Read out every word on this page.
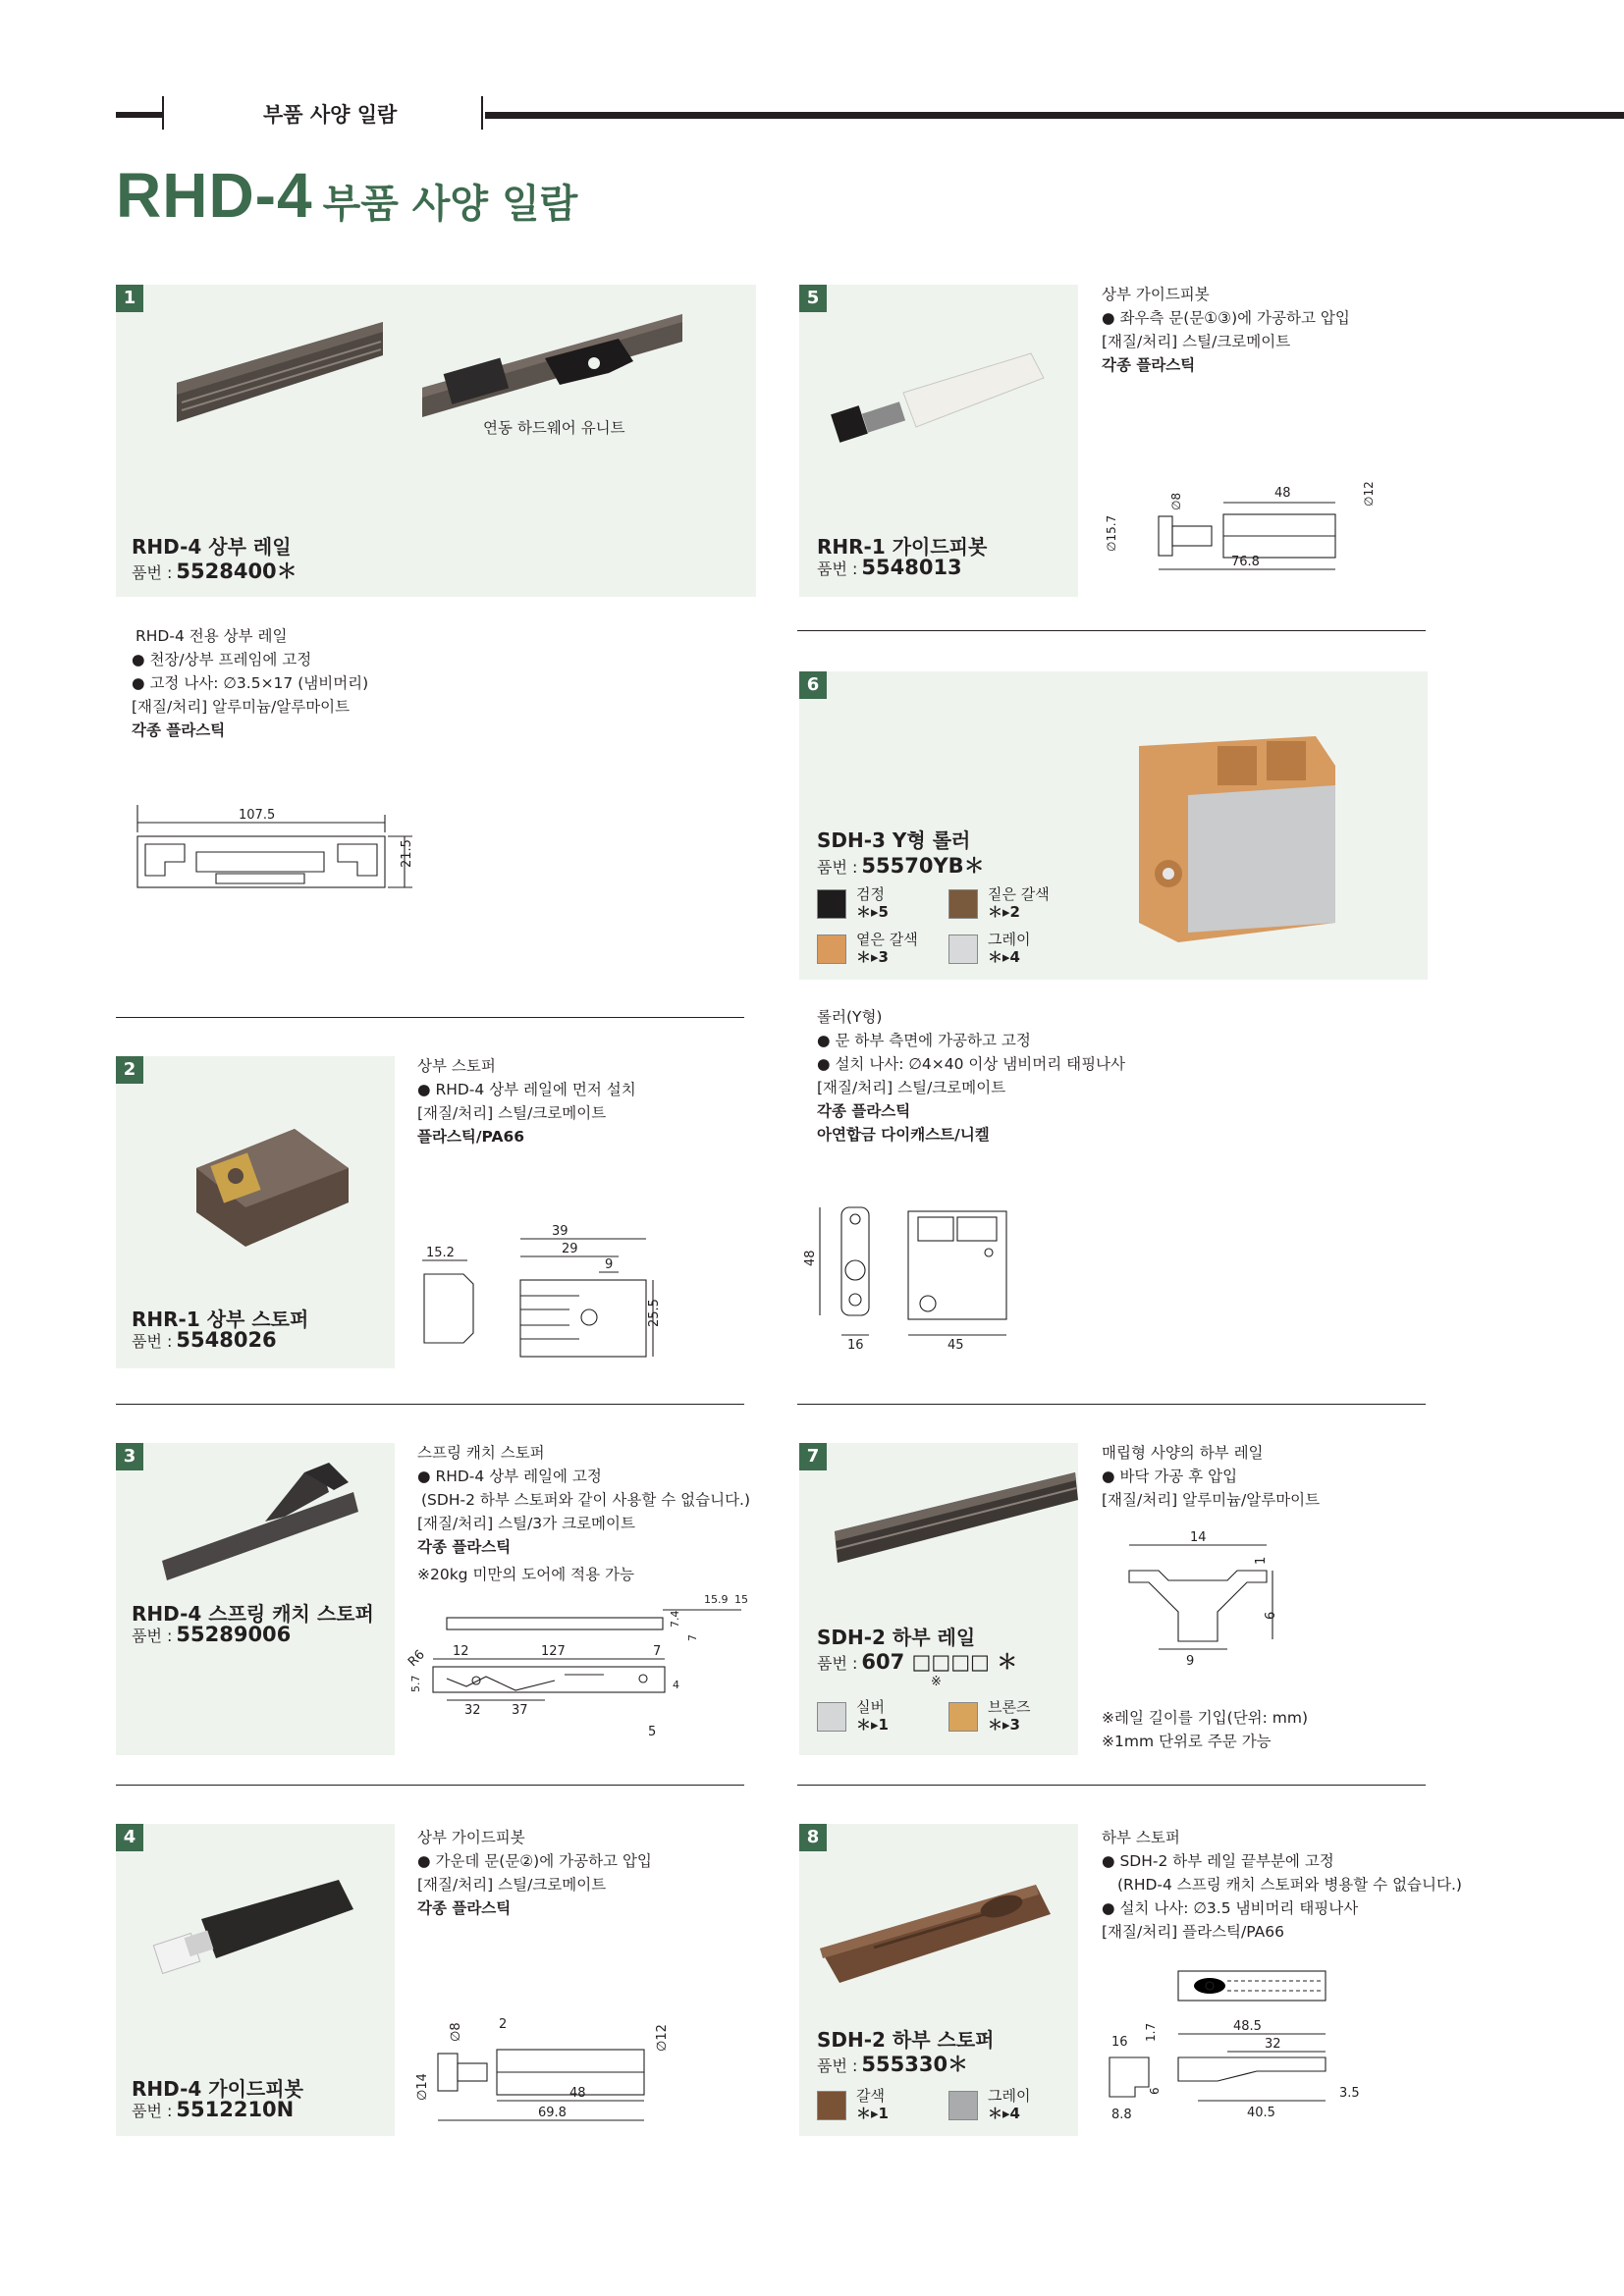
부품 사양 일람
RHD-4 부품 사양 일람
1
연동 하드웨어 유니트
RHD-4 상부 레일
품번 : 5528400＊
RHD-4 전용 상부 레일
● 천장/상부 프레임에 고정
● 고정 나사: ∅3.5×17 (냄비머리)
[재질/처리] 알루미늄/알루마이트
각종 플라스틱
107.5
21.5
2
RHR-1 상부 스토퍼
품번 : 5548026
상부 스토퍼
● RHD-4 상부 레일에 먼저 설치
[재질/처리] 스틸/크로메이트
플라스틱/PA66
15.2
39
29
9
25.5
3
RHD-4 스프링 캐치 스토퍼
품번 : 55289006
스프링 캐치 스토퍼
● RHD-4 상부 레일에 고정
(SDH-2 하부 스토퍼와 같이 사용할 수 없습니다.)
[재질/처리] 스틸/3가 크로메이트
각종 플라스틱
※20kg 미만의 도어에 적용 가능
15.9 15
7.4
7
R6 12	127	7
5.7	4
32 37
5
4
RHD-4 가이드피봇
품번 : 5512210N
상부 가이드피봇
● 가운데 문(문②)에 가공하고 압입
[재질/처리] 스틸/크로메이트
각종 플라스틱
∅8	2	∅12
∅14	48
69.8
5
RHR-1 가이드피봇
품번 : 5548013
상부 가이드피봇
● 좌우측 문(문①③)에 가공하고 압입
[재질/처리] 스틸/크로메이트
각종 플라스틱
48	∅12
∅8
∅15.7
76.8
6
SDH-3 Y형 롤러
품번 : 55570YB＊
검정
＊▸5
짙은 갈색
＊▸2
옅은 갈색
＊▸3
그레이
＊▸4
롤러(Y형)
● 문 하부 측면에 가공하고 고정
● 설치 나사: ∅4×40 이상 냄비머리 태핑나사
[재질/처리] 스틸/크로메이트
각종 플라스틱
아연합금 다이캐스트/니켈
48
16	45
7
SDH-2 하부 레일
품번 : 607 □□□□ ＊
※
실버
＊▸1
브론즈
＊▸3
매립형 사양의 하부 레일
● 바닥 가공 후 압입
[재질/처리] 알루미늄/알루마이트
14
1
6
9
※레일 길이를 기입(단위: mm)
※1mm 단위로 주문 가능
8
SDH-2 하부 스토퍼
품번 : 555330＊
갈색
＊▸1
그레이
＊▸4
하부 스토퍼
● SDH-2 하부 레일 끝부분에 고정
(RHD-4 스프링 캐치 스토퍼와 병용할 수 없습니다.)
● 설치 나사: ∅3.5 냄비머리 태핑나사
[재질/처리] 플라스틱/PA66
16
1.7	48.5
32
6
8.8	40.5
3.5
